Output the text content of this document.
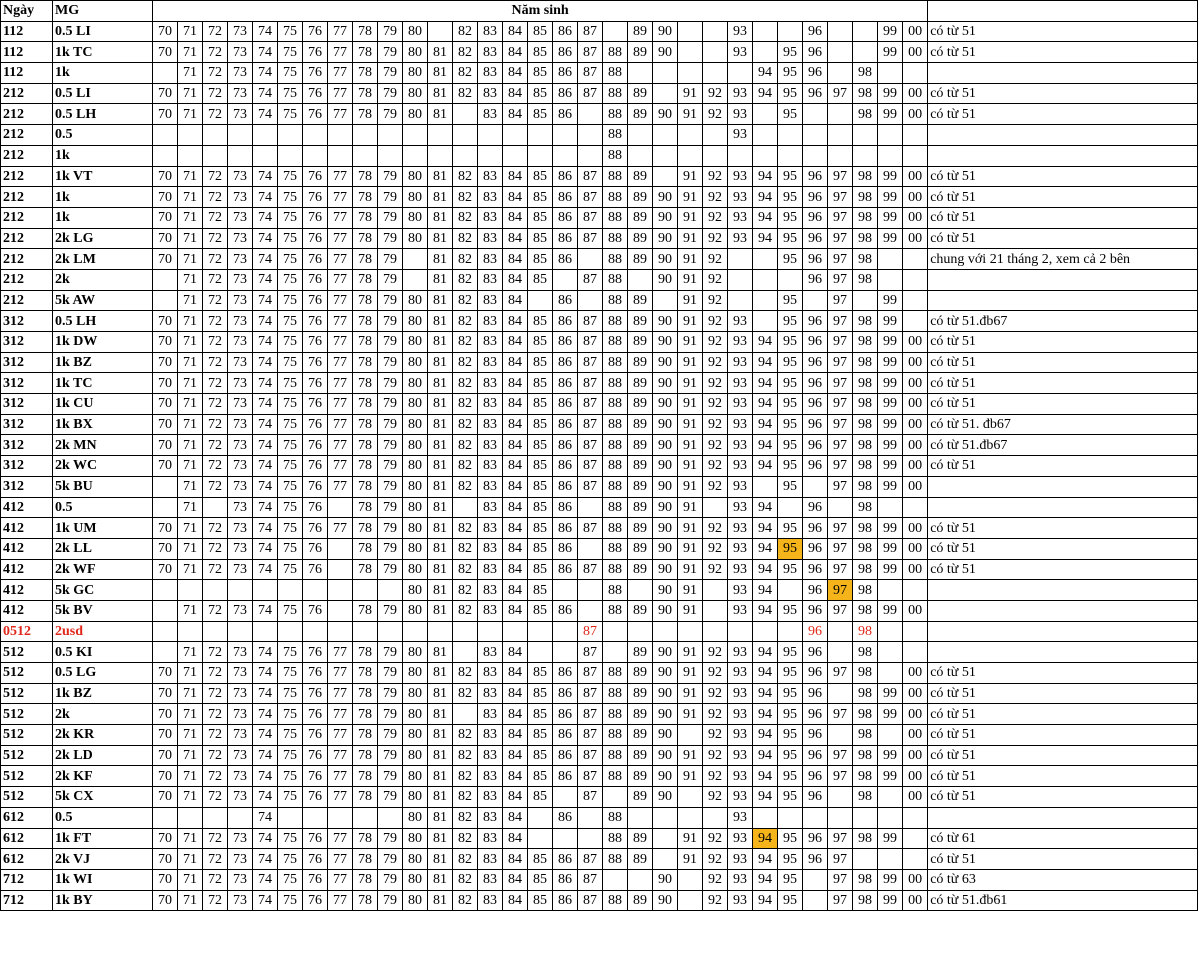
Ngày	MG	Năm sinh																															
112	0.5 LI	70	71	72	73	74	75	76	77	78	79	80		82	83	84	85	86	87		89	90			93			96			99	00	có từ 51
112	1k TC	70	71	72	73	74	75	76	77	78	79	80	81	82	83	84	85	86	87	88	89	90			93		95	96			99	00	có từ 51
112	1k		71	72	73	74	75	76	77	78	79	80	81	82	83	84	85	86	87	88						94	95	96		98			
212	0.5 LI	70	71	72	73	74	75	76	77	78	79	80	81	82	83	84	85	86	87	88	89		91	92	93	94	95	96	97	98	99	00	có từ 51
212	0.5 LH	70	71	72	73	74	75	76	77	78	79	80	81		83	84	85	86		88	89	90	91	92	93		95			98	99	00	có từ 51
212	0.5																			88					93								
212	1k																			88													
212	1k VT	70	71	72	73	74	75	76	77	78	79	80	81	82	83	84	85	86	87	88	89		91	92	93	94	95	96	97	98	99	00	có từ 51
212	1k	70	71	72	73	74	75	76	77	78	79	80	81	82	83	84	85	86	87	88	89	90	91	92	93	94	95	96	97	98	99	00	có từ 51
212	1k	70	71	72	73	74	75	76	77	78	79	80	81	82	83	84	85	86	87	88	89	90	91	92	93	94	95	96	97	98	99	00	có từ 51
212	2k LG	70	71	72	73	74	75	76	77	78	79	80	81	82	83	84	85	86	87	88	89	90	91	92	93	94	95	96	97	98	99	00	có từ 51
212	2k LM	70	71	72	73	74	75	76	77	78	79		81	82	83	84	85	86		88	89	90	91	92			95	96	97	98			chung với 21 tháng 2, xem cả 2 bên
212	2k		71	72	73	74	75	76	77	78	79		81	82	83	84	85		87	88		90	91	92				96	97	98			
212	5k AW		71	72	73	74	75	76	77	78	79	80	81	82	83	84		86		88	89		91	92			95		97		99		
312	0.5 LH	70	71	72	73	74	75	76	77	78	79	80	81	82	83	84	85	86	87	88	89	90	91	92	93		95	96	97	98	99		có từ 51.đb67
312	1k DW	70	71	72	73	74	75	76	77	78	79	80	81	82	83	84	85	86	87	88	89	90	91	92	93	94	95	96	97	98	99	00	có từ 51
312	1k BZ	70	71	72	73	74	75	76	77	78	79	80	81	82	83	84	85	86	87	88	89	90	91	92	93	94	95	96	97	98	99	00	có từ 51
312	1k TC	70	71	72	73	74	75	76	77	78	79	80	81	82	83	84	85	86	87	88	89	90	91	92	93	94	95	96	97	98	99	00	có từ 51
312	1k CU	70	71	72	73	74	75	76	77	78	79	80	81	82	83	84	85	86	87	88	89	90	91	92	93	94	95	96	97	98	99	00	có từ 51
312	1k BX	70	71	72	73	74	75	76	77	78	79	80	81	82	83	84	85	86	87	88	89	90	91	92	93	94	95	96	97	98	99	00	có từ 51. đb67
312	2k MN	70	71	72	73	74	75	76	77	78	79	80	81	82	83	84	85	86	87	88	89	90	91	92	93	94	95	96	97	98	99	00	có từ 51.đb67
312	2k WC	70	71	72	73	74	75	76	77	78	79	80	81	82	83	84	85	86	87	88	89	90	91	92	93	94	95	96	97	98	99	00	có từ 51
312	5k BU		71	72	73	74	75	76	77	78	79	80	81	82	83	84	85	86	87	88	89	90	91	92	93		95		97	98	99	00	
412	0.5		71		73	74	75	76		78	79	80	81		83	84	85	86		88	89	90	91		93	94		96		98			
412	1k UM	70	71	72	73	74	75	76	77	78	79	80	81	82	83	84	85	86	87	88	89	90	91	92	93	94	95	96	97	98	99	00	có từ 51
412	2k LL	70	71	72	73	74	75	76		78	79	80	81	82	83	84	85	86		88	89	90	91	92	93	94	95	96	97	98	99	00	có từ 51
412	2k WF	70	71	72	73	74	75	76		78	79	80	81	82	83	84	85	86	87	88	89	90	91	92	93	94	95	96	97	98	99	00	có từ 51
412	5k GC											80	81	82	83	84	85			88		90	91		93	94		96	97	98			
412	5k BV		71	72	73	74	75	76		78	79	80	81	82	83	84	85	86		88	89	90	91		93	94	95	96	97	98	99	00	
0512	2usd																		87									96		98			
512	0.5 KI		71	72	73	74	75	76	77	78	79	80	81		83	84			87		89	90	91	92	93	94	95	96		98			
512	0.5 LG	70	71	72	73	74	75	76	77	78	79	80	81	82	83	84	85	86	87	88	89	90	91	92	93	94	95	96	97	98		00	có từ 51
512	1k BZ	70	71	72	73	74	75	76	77	78	79	80	81	82	83	84	85	86	87	88	89	90	91	92	93	94	95	96		98	99	00	có từ 51
512	2k	70	71	72	73	74	75	76	77	78	79	80	81		83	84	85	86	87	88	89	90	91	92	93	94	95	96	97	98	99	00	có từ 51
512	2k KR	70	71	72	73	74	75	76	77	78	79	80	81	82	83	84	85	86	87	88	89	90		92	93	94	95	96		98		00	có từ 51
512	2k LD	70	71	72	73	74	75	76	77	78	79	80	81	82	83	84	85	86	87	88	89	90	91	92	93	94	95	96	97	98	99	00	có từ 51
512	2k KF	70	71	72	73	74	75	76	77	78	79	80	81	82	83	84	85	86	87	88	89	90	91	92	93	94	95	96	97	98	99	00	có từ 51
512	5k CX	70	71	72	73	74	75	76	77	78	79	80	81	82	83	84	85		87		89	90		92	93	94	95	96		98		00	có từ 51
612	0.5					74						80	81	82	83	84		86		88					93								
612	1k FT	70	71	72	73	74	75	76	77	78	79	80	81	82	83	84				88	89		91	92	93	94	95	96	97	98	99		có từ 61
612	2k VJ	70	71	72	73	74	75	76	77	78	79	80	81	82	83	84	85	86	87	88	89		91	92	93	94	95	96	97				có từ 51
712	1k WI	70	71	72	73	74	75	76	77	78	79	80	81	82	83	84	85	86	87			90		92	93	94	95		97	98	99	00	có từ 63
712	1k BY	70	71	72	73	74	75	76	77	78	79	80	81	82	83	84	85	86	87	88	89	90		92	93	94	95		97	98	99	00	có từ 51.đb61
